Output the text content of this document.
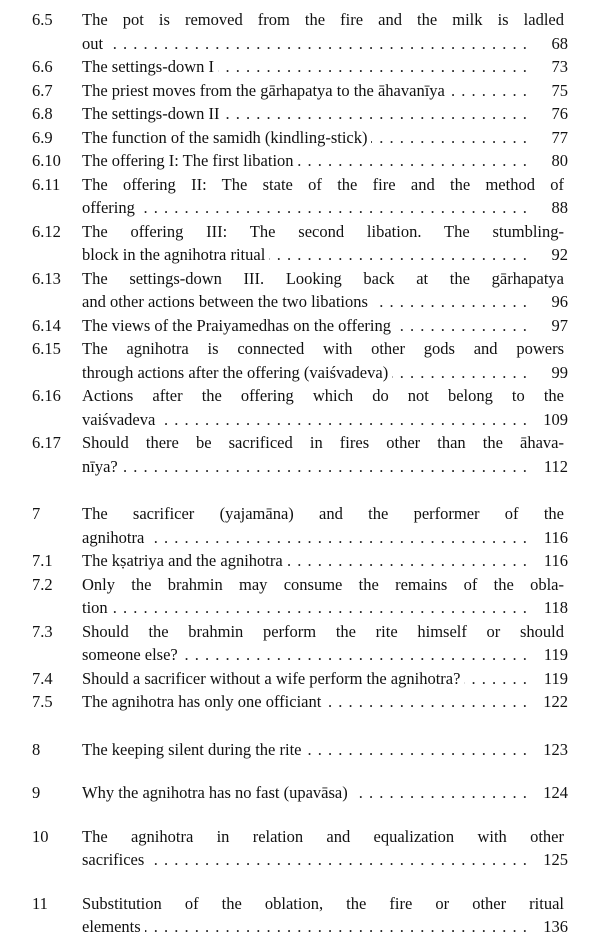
6.5 The pot is removed from the fire and the milk is ladled
out	68
. . .
6.6 The settings-down I	73
. . .
6.7 The priest moves from the gārhapatya to the āhavanīya	75
. . .
6.8 The settings-down II	76
. . .
6.9 The function of the samidh (kindling-stick)	77
. . .
6.10 The offering I: The first libation	80
. . .
6.11 The offering II: The state of the fire and the method of
offering	88
. . .
6.12 The offering III: The second libation. The stumbling-
block in the agnihotra ritual	92
. . .
6.13 The settings-down III. Looking back at the gārhapatya
and other actions between the two libations	96
. . .
6.14 The views of the Praiyamedhas on the offering	97
. . .
6.15 The agnihotra is connected with other gods and powers
through actions after the offering (vaiśvadeva)	99
. . .
6.16 Actions after the offering which do not belong to the
vaiśvadeva	109
. . .
6.17 Should there be sacrificed in fires other than the āhava-
nīya?	112
. . .
7	The sacrificer (yajamāna) and the performer of the
agnihotra	116
. . .
7.1 The kṣatriya and the agnihotra	116
. . .
7.2 Only the brahmin may consume the remains of the obla-
tion	118
. . .
7.3 Should the brahmin perform the rite himself or should
someone else?	119
. . .
7.4 Should a sacrificer without a wife perform the agnihotra?	119
. . .
7.5 The agnihotra has only one officiant	122
. . .
8	The keeping silent during the rite	123
. . .
9	Why the agnihotra has no fast (upavāsa)	124
. . .
10 The agnihotra in relation and equalization with other
sacrifices	125
. . .
11 Substitution of the oblation, the fire or other ritual
elements	136
. . .
